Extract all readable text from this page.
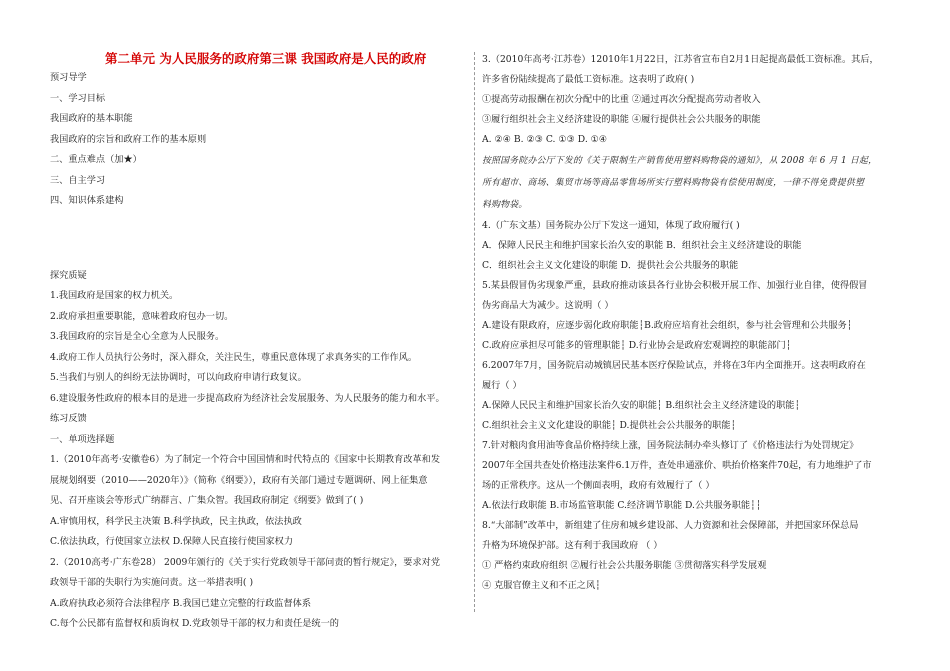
第二单元 为人民服务的政府第三课 我国政府是人民的政府
预习导学
一、学习目标
我国政府的基本职能
我国政府的宗旨和政府工作的基本原则
二、重点难点（加★）
三、自主学习
四、知识体系建构
探究质疑
1.我国政府是国家的权力机关。
2.政府承担重要职能，意味着政府包办一切。
3.我国政府的宗旨是全心全意为人民服务。
4.政府工作人员执行公务时，深入群众，关注民生，尊重民意体现了求真务实的工作作风。
5.当我们与别人的纠纷无法协调时，可以向政府申请行政复议。
6.建设服务性政府的根本目的是进一步提高政府为经济社会发展服务、为人民服务的能力和水平。
练习反馈
一、单项选择题
1.（2010年高考·安徽卷6）为了制定一个符合中国国情和时代特点的《国家中长期教育改革和发
展规划纲要（2010——2020年）》（简称《纲要》），政府有关部门通过专题调研、网上征集意
见、召开座谈会等形式广纳群言、广集众智。我国政府制定《纲要》做到了( )
A.审慎用权，科学民主决策 B.科学执政，民主执政，依法执政
C.依法执政，行使国家立法权 D.保障人民直接行使国家权力
2.（2010高考·广东卷28） 2009年颁行的《关于实行党政领导干部问责的暂行规定》，要求对党
政领导干部的失职行为实施问责。这一举措表明( )
A.政府执政必须符合法律程序 B.我国已建立完整的行政监督体系
C.每个公民都有监督权和质询权 D.党政领导干部的权力和责任是统一的
3.（2010年高考·江苏卷）12010年1月22日，江苏省宣布自2月1日起提高最低工资标准。其后，
许多省份陆续提高了最低工资标准。这表明了政府( )
①提高劳动报酬在初次分配中的比重 ②通过再次分配提高劳动者收入
③履行组织社会主义经济建设的职能 ④履行提供社会公共服务的职能
A. ②④ B. ②③ C. ①③ D. ①④
按照国务院办公厅下发的《关于限制生产销售使用塑料购物袋的通知》，从 2008 年 6 月 1 日起，
所有超市、商场、集贸市场等商品零售场所实行塑料购物袋有偿使用制度，一律不得免费提供塑
料购物袋。
4.（广东文基）国务院办公厅下发这一通知，体现了政府履行( )
A．保障人民民主和维护国家长治久安的职能 B．组织社会主义经济建设的职能
C．组织社会主义文化建设的职能 D．提供社会公共服务的职能
5.某县假冒伪劣现象严重，县政府推动该县各行业协会积极开展工作、加强行业自律，使得假冒
伪劣商品大为减少。这说明（ ）
A.建设有限政府，应逐步弱化政府职能┆B.政府应培育社会组织，参与社会管理和公共服务┆
C.政府应承担尽可能多的管理职能┆ D.行业协会是政府宏观调控的职能部门┆
6.2007年7月，国务院启动城镇居民基本医疗保险试点，并将在3年内全面推开。这表明政府在
履行（ ）
A.保障人民民主和维护国家长治久安的职能┆ B.组织社会主义经济建设的职能┆
C.组织社会主义文化建设的职能┆ D.提供社会公共服务的职能┆
7.针对粮肉食用油等食品价格持续上涨，国务院法制办牵头修订了《价格违法行为处罚规定》
2007年全国共查处价格违法案件6.1万件，查处串通涨价、哄抬价格案件70起，有力地维护了市
场的正常秩序。这从一个侧面表明，政府有效履行了（ ）
A.依法行政职能 B.市场监管职能 C.经济调节职能 D.公共服务职能┆┆
8.“大部制”改革中，新组建了住房和城乡建设部、人力资源和社会保障部，并把国家环保总局
升格为环境保护部。这有利于我国政府 （ ）
① 严格约束政府组织 ②履行社会公共服务职能 ③贯彻落实科学发展观
④ 克服官僚主义和不正之风┆
